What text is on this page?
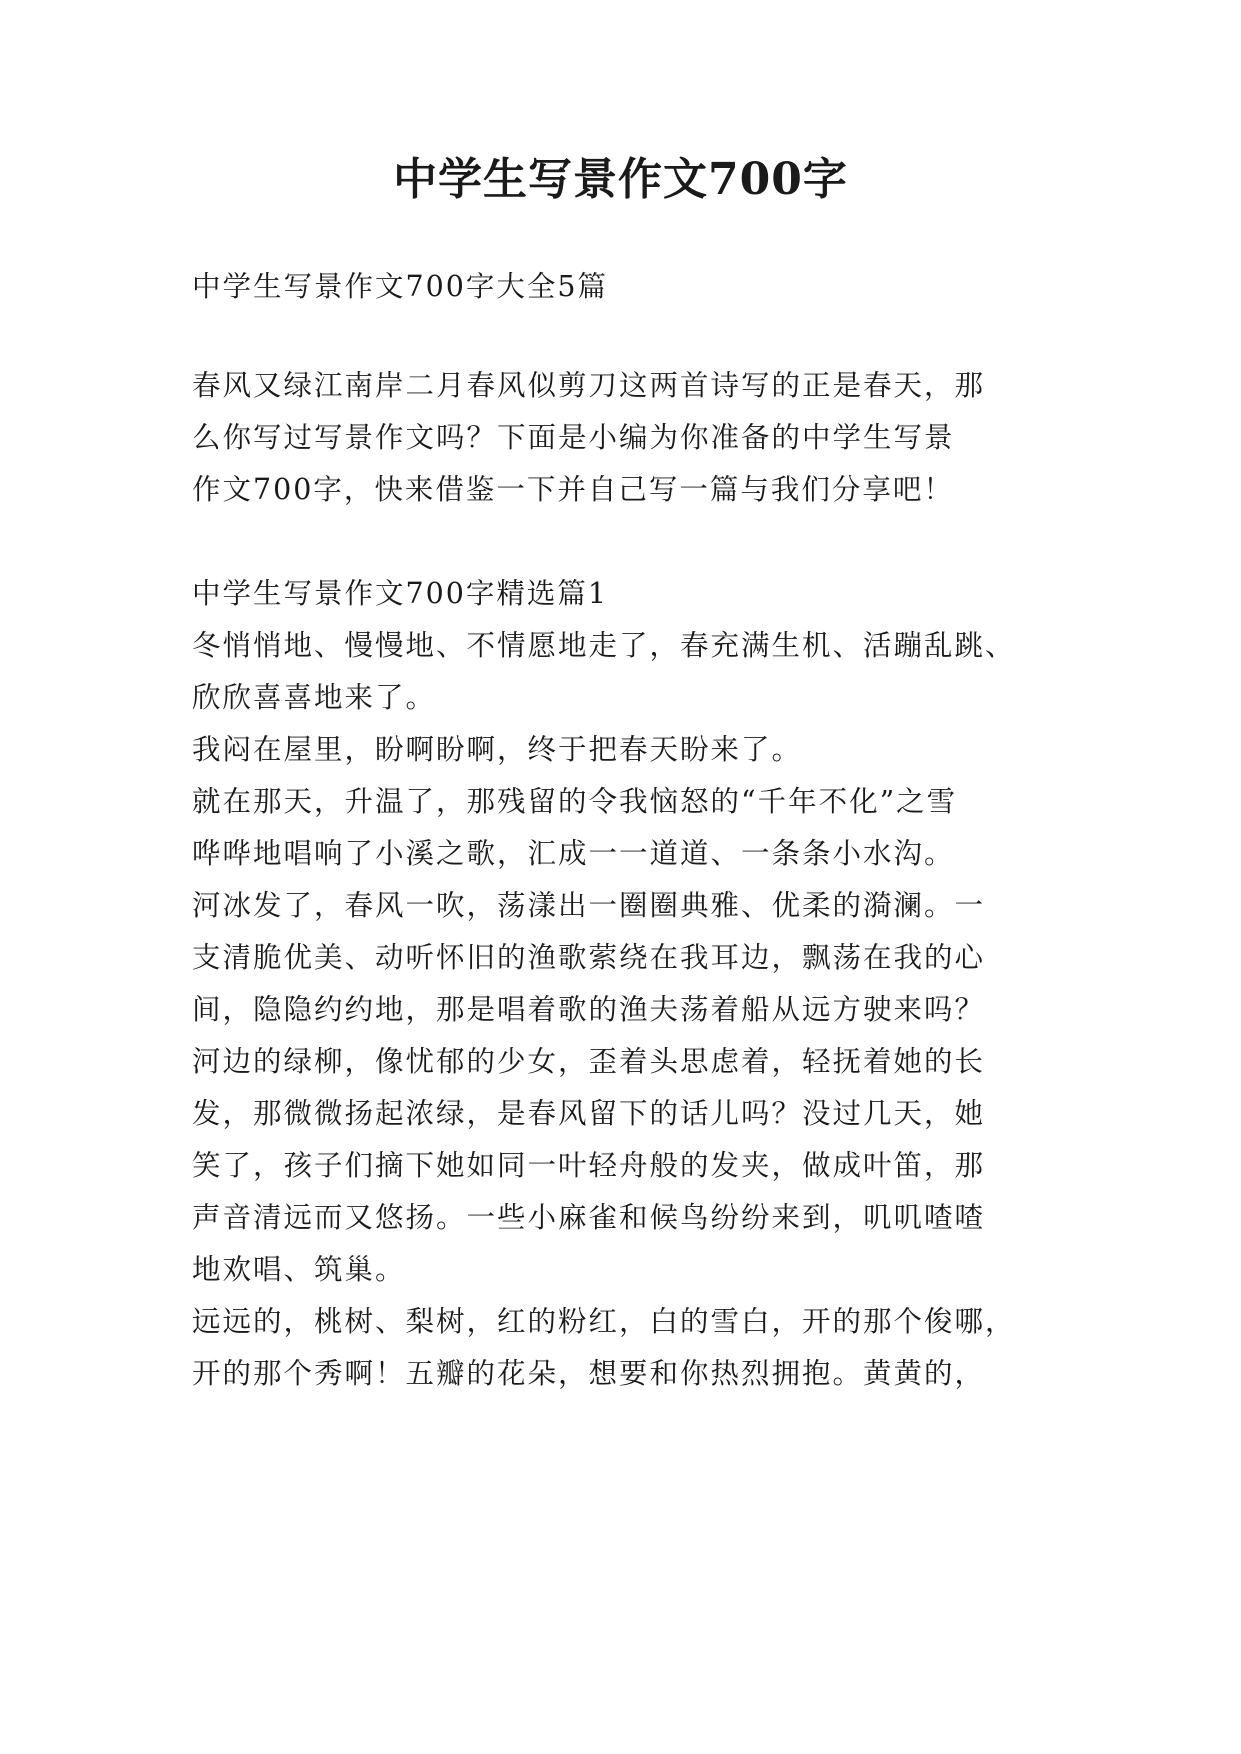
中学生写景作文700字

中学生写景作文700字大全5篇

春风又绿江南岸二月春风似剪刀这两首诗写的正是春天，那

么你写过写景作文吗？下面是小编为你准备的中学生写景

作文700字，快来借鉴一下并自己写一篇与我们分享吧！

中学生写景作文700字精选篇1

冬悄悄地、慢慢地、不情愿地走了，春充满生机、活蹦乱跳、

欣欣喜喜地来了。

我闷在屋里，盼啊盼啊，终于把春天盼来了。

就在那天，升温了，那残留的令我恼怒的“千年不化”之雪

哗哗地唱响了小溪之歌，汇成一一道道、一条条小水沟。

河冰发了，春风一吹，荡漾出一圈圈典雅、优柔的漪澜。一

支清脆优美、动听怀旧的渔歌萦绕在我耳边，飘荡在我的心

间，隐隐约约地，那是唱着歌的渔夫荡着船从远方驶来吗？

河边的绿柳，像忧郁的少女，歪着头思虑着，轻抚着她的长

发，那微微扬起浓绿，是春风留下的话儿吗？没过几天，她

笑了，孩子们摘下她如同一叶轻舟般的发夹，做成叶笛，那

声音清远而又悠扬。一些小麻雀和候鸟纷纷来到，叽叽喳喳

地欢唱、筑巢。

远远的，桃树、梨树，红的粉红，白的雪白，开的那个俊哪，

开的那个秀啊！五瓣的花朵，想要和你热烈拥抱。黄黄的，
